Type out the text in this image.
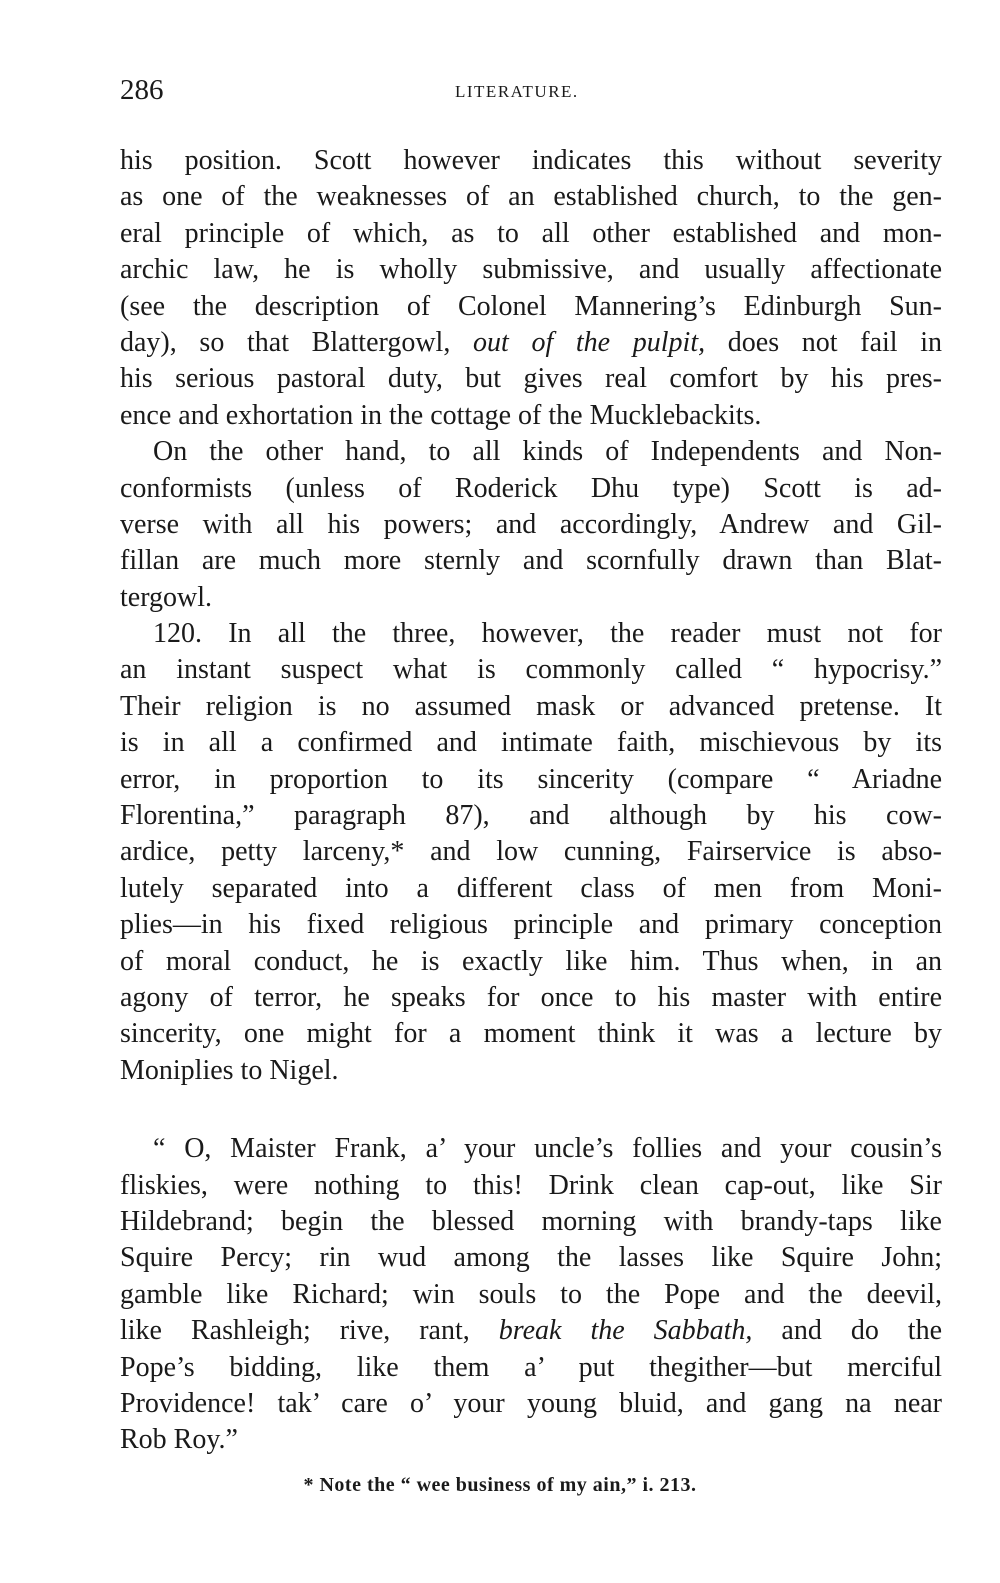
286	LITERATURE.
his position. Scott however indicates this without severity
as one of the weaknesses of an established church, to the gen-
eral principle of which, as to all other established and mon-
archic law, he is wholly submissive, and usually affectionate
(see the description of Colonel Mannering’s Edinburgh Sun-
day), so that Blattergowl, out of the pulpit, does not fail in
his serious pastoral duty, but gives real comfort by his pres-
ence and exhortation in the cottage of the Mucklebackits.
On the other hand, to all kinds of Independents and Non-
conformists (unless of Roderick Dhu type) Scott is ad-
verse with all his powers; and accordingly, Andrew and Gil-
fillan are much more sternly and scornfully drawn than Blat-
tergowl.
120. In all the three, however, the reader must not for
an instant suspect what is commonly called “ hypocrisy.”
Their religion is no assumed mask or advanced pretense. It
is in all a confirmed and intimate faith, mischievous by its
error, in proportion to its sincerity (compare “ Ariadne
Florentina,” paragraph 87), and although by his cow-
ardice, petty larceny,* and low cunning, Fairservice is abso-
lutely separated into a different class of men from Moni-
plies—in his fixed religious principle and primary conception
of moral conduct, he is exactly like him. Thus when, in an
agony of terror, he speaks for once to his master with entire
sincerity, one might for a moment think it was a lecture by
Moniplies to Nigel.
“ O, Maister Frank, a’ your uncle’s follies and your cousin’s
fliskies, were nothing to this! Drink clean cap-out, like Sir
Hildebrand; begin the blessed morning with brandy-taps like
Squire Percy; rin wud among the lasses like Squire John;
gamble like Richard; win souls to the Pope and the deevil,
like Rashleigh; rive, rant, break the Sabbath, and do the
Pope’s bidding, like them a’ put thegither—but merciful
Providence! tak’ care o’ your young bluid, and gang na near
Rob Roy.”
* Note the “ wee business of my ain,” i. 213.
